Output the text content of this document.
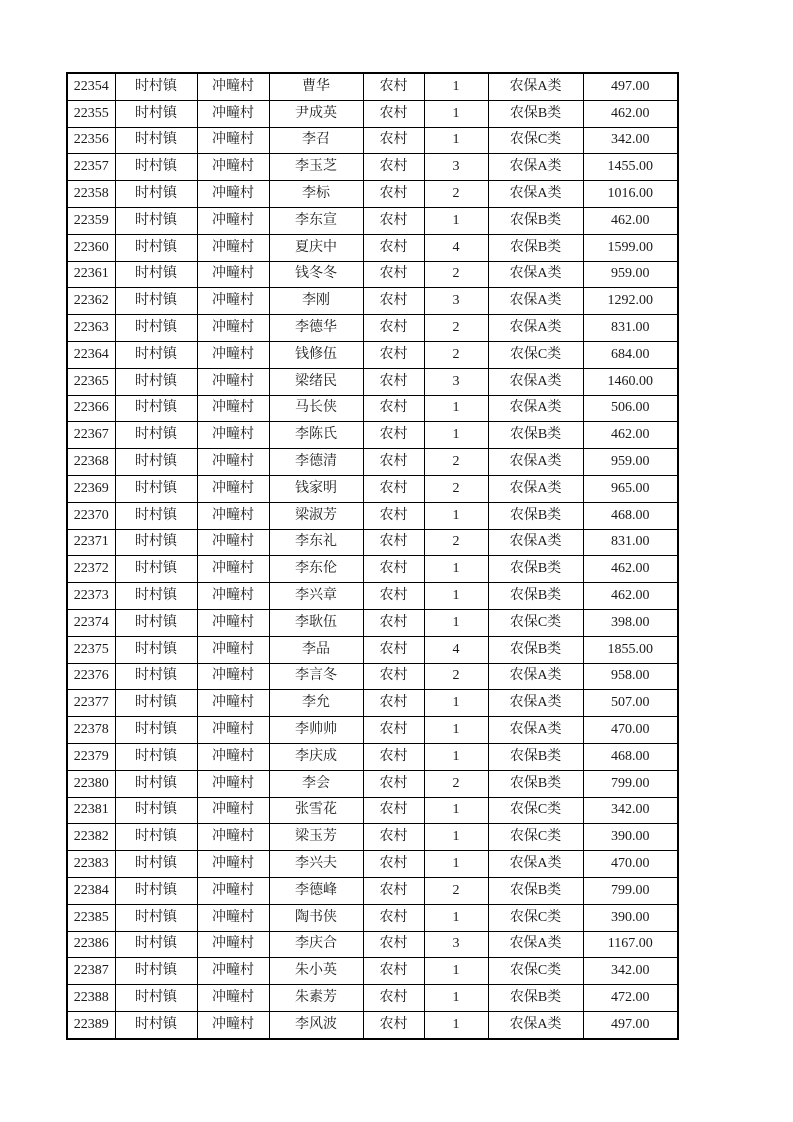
22354	时村镇	冲疃村	曹华	农村	1	农保A类	497.00
22355	时村镇	冲疃村	尹成英	农村	1	农保B类	462.00
22356	时村镇	冲疃村	李召	农村	1	农保C类	342.00
22357	时村镇	冲疃村	李玉芝	农村	3	农保A类	1455.00
22358	时村镇	冲疃村	李标	农村	2	农保A类	1016.00
22359	时村镇	冲疃村	李东宣	农村	1	农保B类	462.00
22360	时村镇	冲疃村	夏庆中	农村	4	农保B类	1599.00
22361	时村镇	冲疃村	钱冬冬	农村	2	农保A类	959.00
22362	时村镇	冲疃村	李刚	农村	3	农保A类	1292.00
22363	时村镇	冲疃村	李德华	农村	2	农保A类	831.00
22364	时村镇	冲疃村	钱修伍	农村	2	农保C类	684.00
22365	时村镇	冲疃村	梁绪民	农村	3	农保A类	1460.00
22366	时村镇	冲疃村	马长侠	农村	1	农保A类	506.00
22367	时村镇	冲疃村	李陈氏	农村	1	农保B类	462.00
22368	时村镇	冲疃村	李德清	农村	2	农保A类	959.00
22369	时村镇	冲疃村	钱家明	农村	2	农保A类	965.00
22370	时村镇	冲疃村	梁淑芳	农村	1	农保B类	468.00
22371	时村镇	冲疃村	李东礼	农村	2	农保A类	831.00
22372	时村镇	冲疃村	李东伦	农村	1	农保B类	462.00
22373	时村镇	冲疃村	李兴章	农村	1	农保B类	462.00
22374	时村镇	冲疃村	李耿伍	农村	1	农保C类	398.00
22375	时村镇	冲疃村	李品	农村	4	农保B类	1855.00
22376	时村镇	冲疃村	李言冬	农村	2	农保A类	958.00
22377	时村镇	冲疃村	李允	农村	1	农保A类	507.00
22378	时村镇	冲疃村	李帅帅	农村	1	农保A类	470.00
22379	时村镇	冲疃村	李庆成	农村	1	农保B类	468.00
22380	时村镇	冲疃村	李会	农村	2	农保B类	799.00
22381	时村镇	冲疃村	张雪花	农村	1	农保C类	342.00
22382	时村镇	冲疃村	梁玉芳	农村	1	农保C类	390.00
22383	时村镇	冲疃村	李兴夫	农村	1	农保A类	470.00
22384	时村镇	冲疃村	李德峰	农村	2	农保B类	799.00
22385	时村镇	冲疃村	陶书侠	农村	1	农保C类	390.00
22386	时村镇	冲疃村	李庆合	农村	3	农保A类	1167.00
22387	时村镇	冲疃村	朱小英	农村	1	农保C类	342.00
22388	时村镇	冲疃村	朱素芳	农村	1	农保B类	472.00
22389	时村镇	冲疃村	李风波	农村	1	农保A类	497.00
